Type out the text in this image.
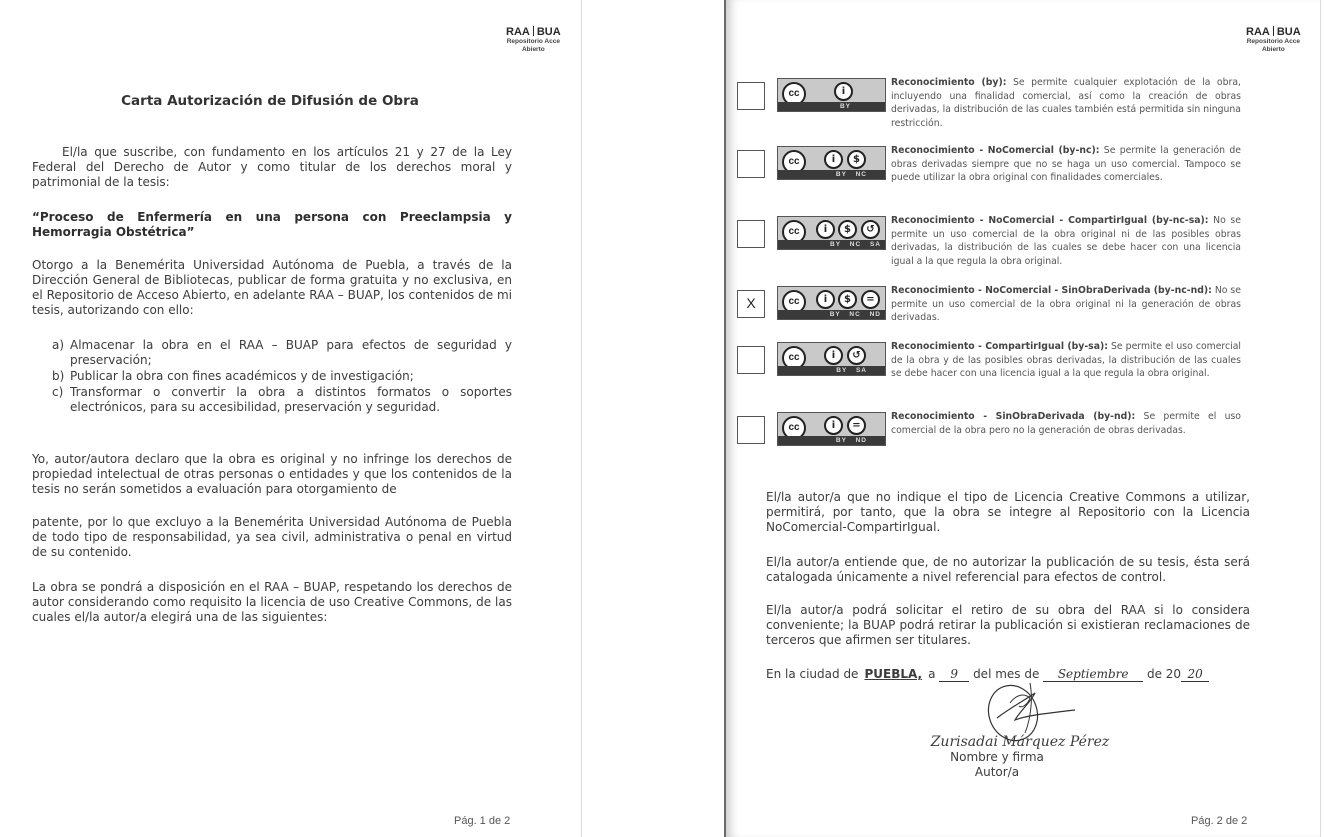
RAA BUA
Repositorio Acce
Abierto
Carta Autorización de Difusión de Obra
El/la que suscribe, con fundamento en los artículos 21 y 27 de la Ley Federal del Derecho de Autor y como titular de los derechos moral y patrimonial de la tesis:
“Proceso de Enfermería en una persona con Preeclampsia y Hemorragia Obstétrica”
Otorgo a la Benemérita Universidad Autónoma de Puebla, a través de la Dirección General de Bibliotecas, publicar de forma gratuita y no exclusiva, en el Repositorio de Acceso Abierto, en adelante RAA – BUAP, los contenidos de mi tesis, autorizando con ello:
a) Almacenar la obra en el RAA – BUAP para efectos de seguridad y preservación;
b) Publicar la obra con fines académicos y de investigación;
c) Transformar o convertir la obra a distintos formatos o soportes electrónicos, para su accesibilidad, preservación y seguridad.
Yo, autor/autora declaro que la obra es original y no infringe los derechos de propiedad intelectual de otras personas o entidades y que los contenidos de la tesis no serán sometidos a evaluación para otorgamiento de
patente, por lo que excluyo a la Benemérita Universidad Autónoma de Puebla de todo tipo de responsabilidad, ya sea civil, administrativa o penal en virtud de su contenido.
La obra se pondrá a disposición en el RAA – BUAP, respetando los derechos de autor considerando como requisito la licencia de uso Creative Commons, de las cuales el/la autor/a elegirá una de las siguientes:
Pág. 1 de 2
RAA BUA
Repositorio Acce
Abierto
cc	i
BY
Reconocimiento (by): Se permite cualquier explotación de la obra, incluyendo una finalidad comercial, así como la creación de obras derivadas, la distribución de las cuales también está permitida sin ninguna restricción.
cc	i	$
BY NC
Reconocimiento - NoComercial (by-nc): Se permite la generación de obras derivadas siempre que no se haga un uso comercial. Tampoco se puede utilizar la obra original con finalidades comerciales.
cc	i	$	↺
BY NC SA
Reconocimiento - NoComercial - CompartirIgual (by-nc-sa): No se permite un uso comercial de la obra original ni de las posibles obras derivadas, la distribución de las cuales se debe hacer con una licencia igual a la que regula la obra original.
X	cc	i	$	=
BY NC ND
Reconocimiento - NoComercial - SinObraDerivada (by-nc-nd): No se permite un uso comercial de la obra original ni la generación de obras derivadas.
cc	i	↺
BY SA
Reconocimiento - CompartirIgual (by-sa): Se permite el uso comercial de la obra y de las posibles obras derivadas, la distribución de las cuales se debe hacer con una licencia igual a la que regula la obra original.
cc	i	=
BY ND
Reconocimiento - SinObraDerivada (by-nd): Se permite el uso comercial de la obra pero no la generación de obras derivadas.
El/la autor/a que no indique el tipo de Licencia Creative Commons a utilizar, permitirá, por tanto, que la obra se integre al Repositorio con la Licencia NoComercial-CompartirIgual.
El/la autor/a entiende que, de no autorizar la publicación de su tesis, ésta será catalogada únicamente a nivel referencial para efectos de control.
El/la autor/a podrá solicitar el retiro de su obra del RAA si lo considera conveniente; la BUAP podrá retirar la publicación si existieran reclamaciones de terceros que afirmen ser titulares.
En la ciudad de PUEBLA, a 9 del mes de Septiembre de 20 20
Zurisadai Márquez Pérez
Nombre y firma
Autor/a
Pág. 2 de 2
